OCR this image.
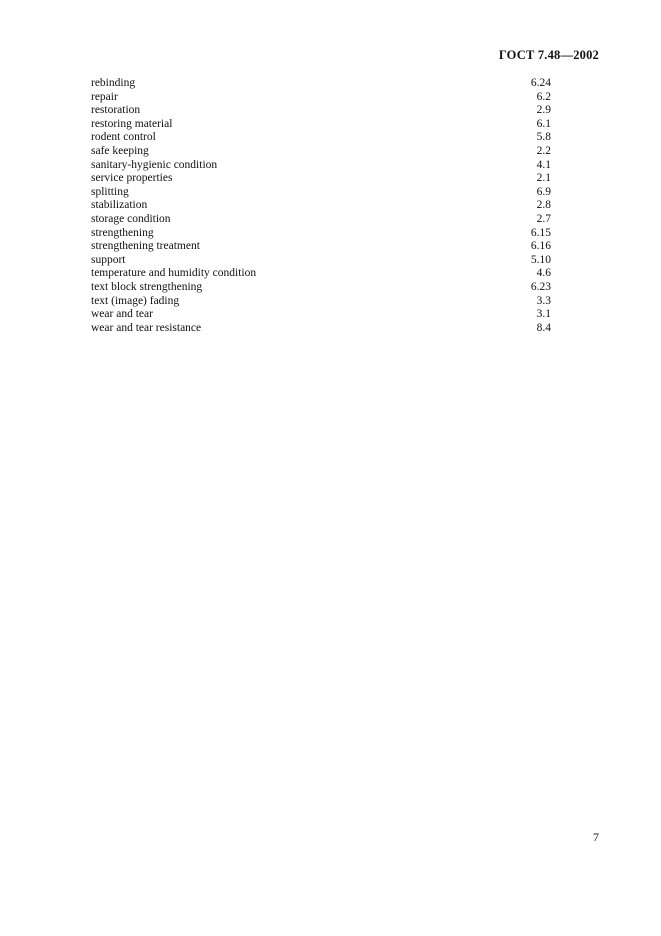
ГОСТ 7.48—2002
rebinding	6.24
repair	6.2
restoration	2.9
restoring material	6.1
rodent control	5.8
safe keeping	2.2
sanitary-hygienic condition	4.1
service properties	2.1
splitting	6.9
stabilization	2.8
storage condition	2.7
strengthening	6.15
strengthening treatment	6.16
support	5.10
temperature and humidity condition	4.6
text block strengthening	6.23
text (image) fading	3.3
wear and tear	3.1
wear and tear resistance	8.4
7
